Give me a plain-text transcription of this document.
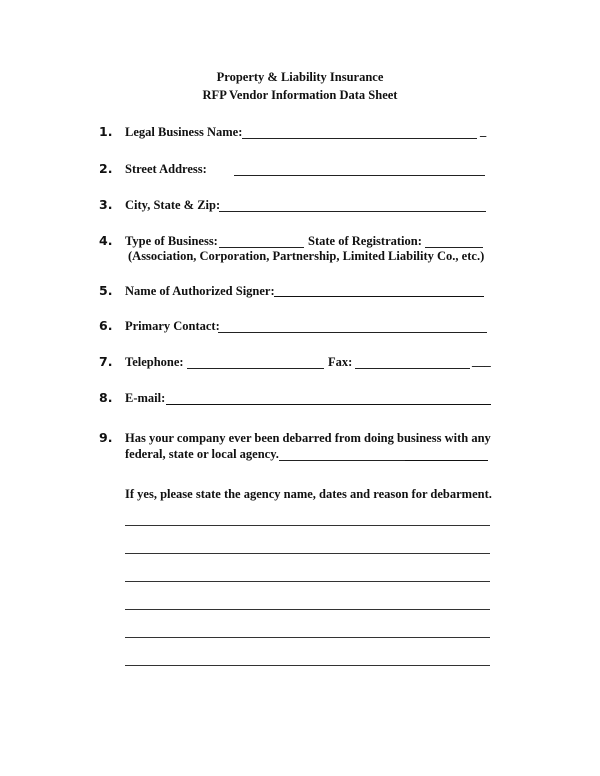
Property & Liability Insurance
RFP Vendor Information Data Sheet
1. Legal Business Name:	_
2. Street Address:
3. City, State & Zip:
4. Type of Business:	State of Registration:
(Association, Corporation, Partnership, Limited Liability Co., etc.)
5. Name of Authorized Signer:
6. Primary Contact:
7. Telephone:	Fax:	___
8. E-mail:
9. Has your company ever been debarred from doing business with any
federal, state or local agency.
If yes, please state the agency name, dates and reason for debarment.
